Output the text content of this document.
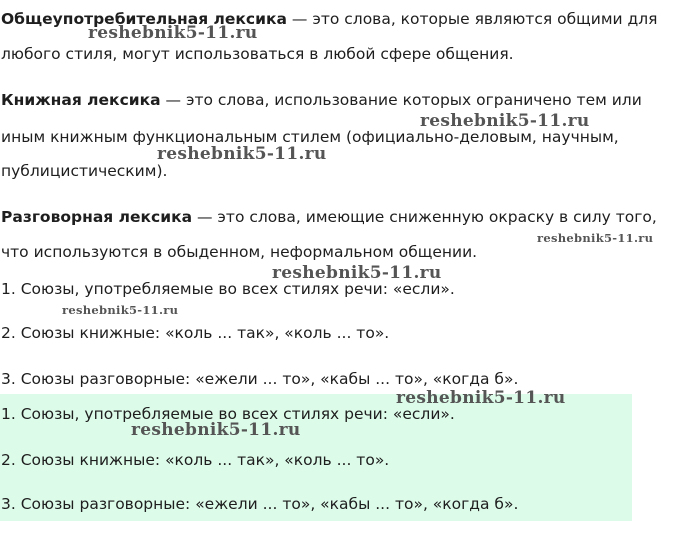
Общеупотребительная лексика — это слова, которые являются общими для
любого стиля, могут использоваться в любой сфере общения.
Книжная лексика — это слова, использование которых ограничено тем или
иным книжным функциональным стилем (официально-деловым, научным,
публицистическим).
Разговорная лексика — это слова, имеющие сниженную окраску в силу того,
что используются в обыденном, неформальном общении.
1. Союзы, употребляемые во всех стилях речи: «если».
2. Союзы книжные: «коль ... так», «коль ... то».
3. Союзы разговорные: «ежели ... то», «кабы ... то», «когда б».
1. Союзы, употребляемые во всех стилях речи: «если».
2. Союзы книжные: «коль ... так», «коль ... то».
3. Союзы разговорные: «ежели ... то», «кабы ... то», «когда б».
reshebnik5-11.ru
reshebnik5-11.ru
reshebnik5-11.ru
reshebnik5-11.ru
reshebnik5-11.ru
reshebnik5-11.ru
reshebnik5-11.ru
reshebnik5-11.ru
